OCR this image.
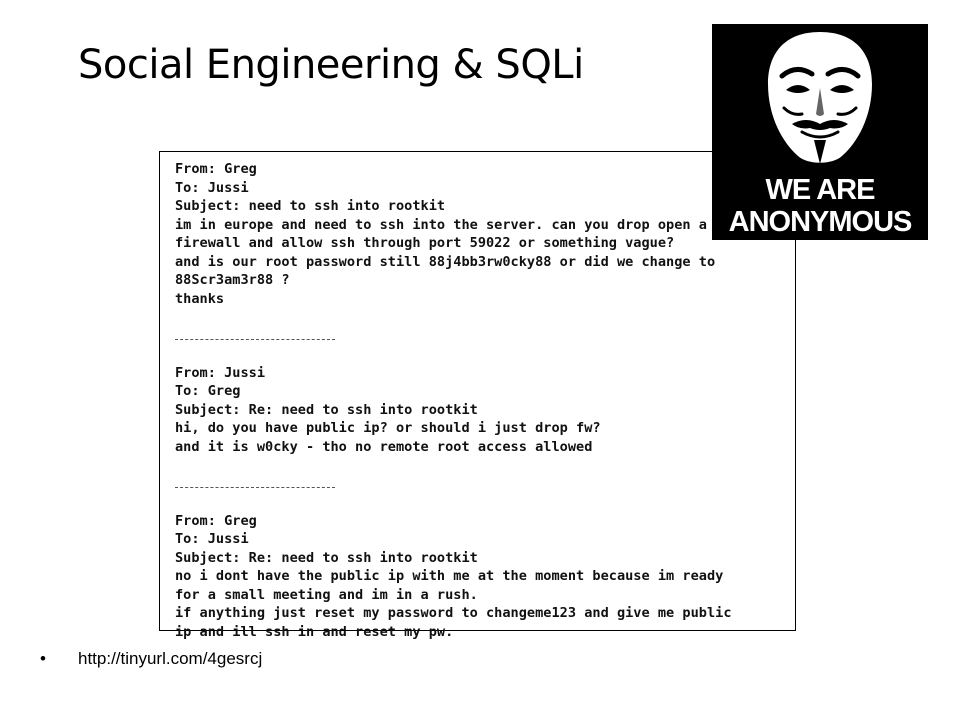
Social Engineering & SQLi
From: Greg
To: Jussi
Subject: need to ssh into rootkit
im in europe and need to ssh into the server. can you drop open a
firewall and allow ssh through port 59022 or something vague?
and is our root password still 88j4bb3rw0cky88 or did we change to
88Scr3am3r88 ?
thanks
From: Jussi
To: Greg
Subject: Re: need to ssh into rootkit
hi, do you have public ip? or should i just drop fw?
and it is w0cky - tho no remote root access allowed
From: Greg
To: Jussi
Subject: Re: need to ssh into rootkit
no i dont have the public ip with me at the moment because im ready
for a small meeting and im in a rush.
if anything just reset my password to changeme123 and give me public
ip and ill ssh in and reset my pw.
WE ARE
ANONYMOUS
• http://tinyurl.com/4gesrcj
